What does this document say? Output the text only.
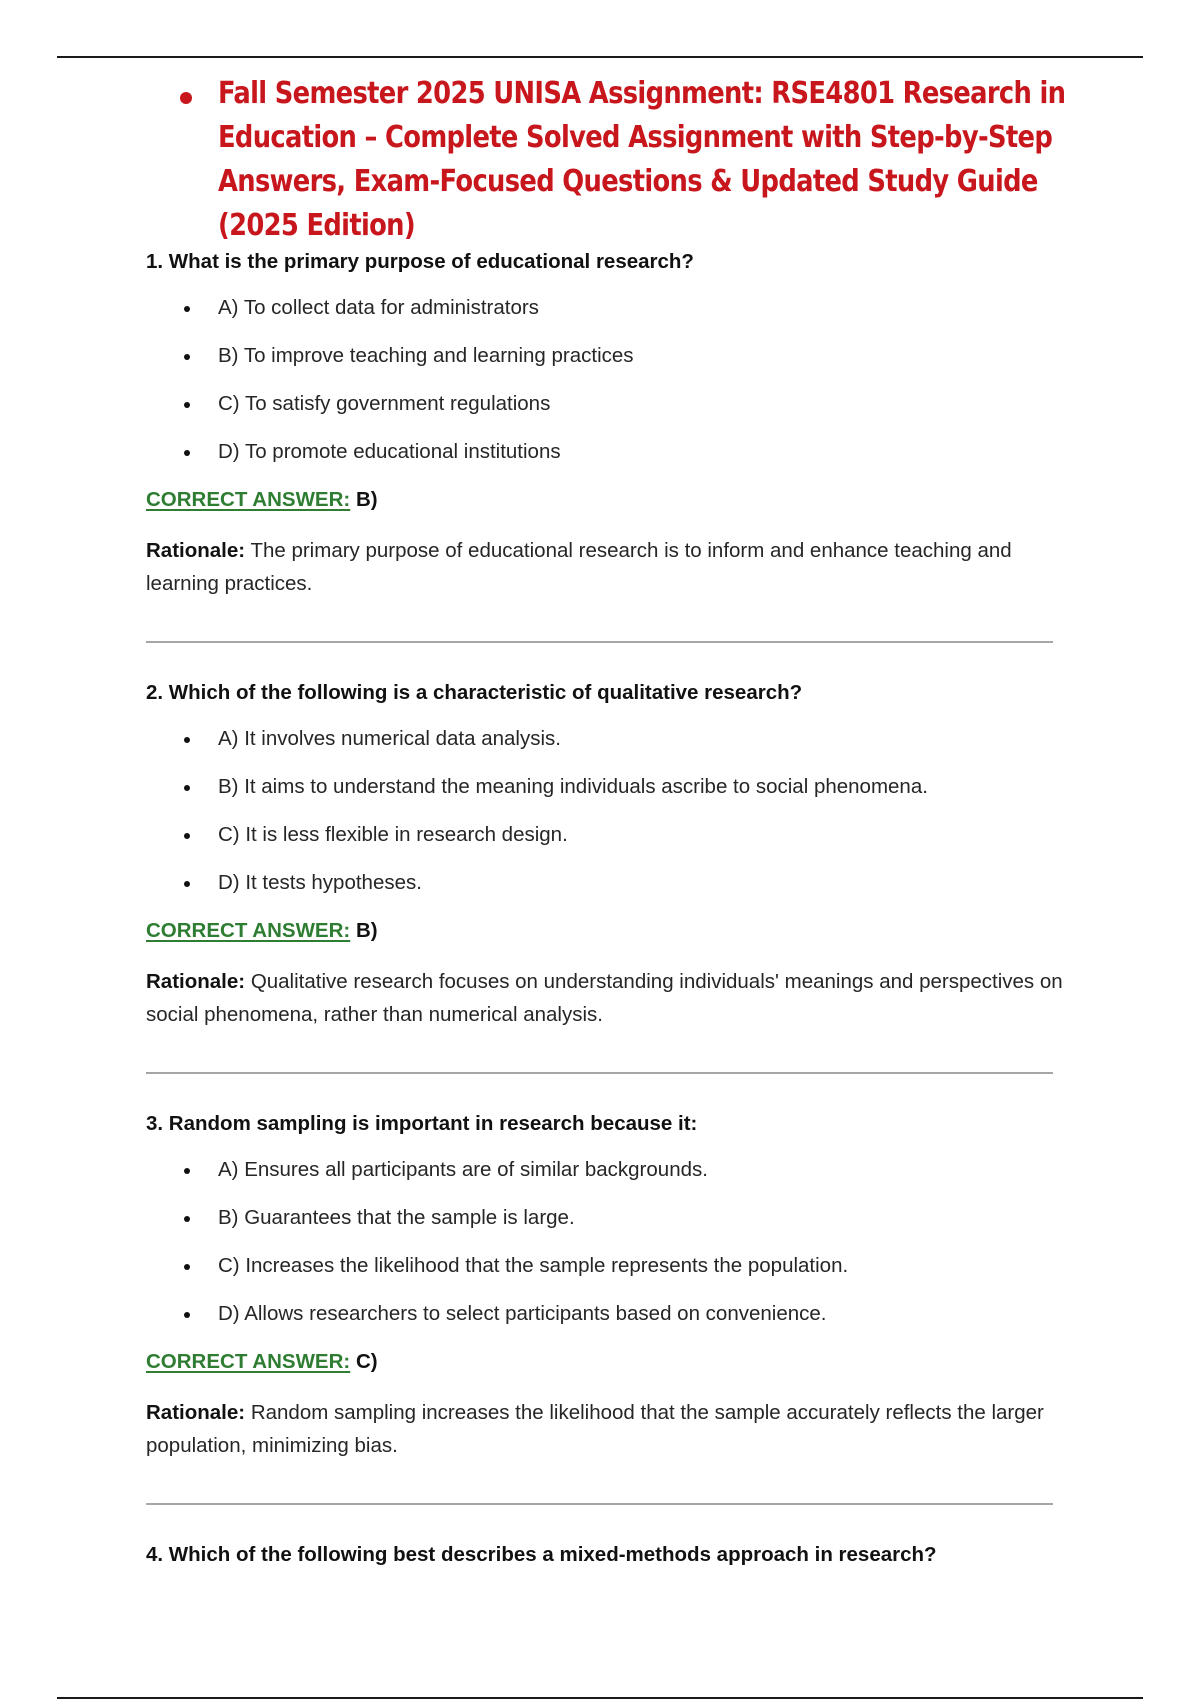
Fall Semester 2025 UNISA Assignment: RSE4801 Research in Education – Complete Solved Assignment with Step-by-Step Answers, Exam-Focused Questions & Updated Study Guide (2025 Edition)

1. What is the primary purpose of educational research?

A) To collect data for administrators
B) To improve teaching and learning practices
C) To satisfy government regulations
D) To promote educational institutions

CORRECT ANSWER: B)

Rationale: The primary purpose of educational research is to inform and enhance teaching and learning practices.

2. Which of the following is a characteristic of qualitative research?

A) It involves numerical data analysis.
B) It aims to understand the meaning individuals ascribe to social phenomena.
C) It is less flexible in research design.
D) It tests hypotheses.

CORRECT ANSWER: B)

Rationale: Qualitative research focuses on understanding individuals' meanings and perspectives on social phenomena, rather than numerical analysis.

3. Random sampling is important in research because it:

A) Ensures all participants are of similar backgrounds.
B) Guarantees that the sample is large.
C) Increases the likelihood that the sample represents the population.
D) Allows researchers to select participants based on convenience.

CORRECT ANSWER: C)

Rationale: Random sampling increases the likelihood that the sample accurately reflects the larger population, minimizing bias.

4. Which of the following best describes a mixed-methods approach in research?
